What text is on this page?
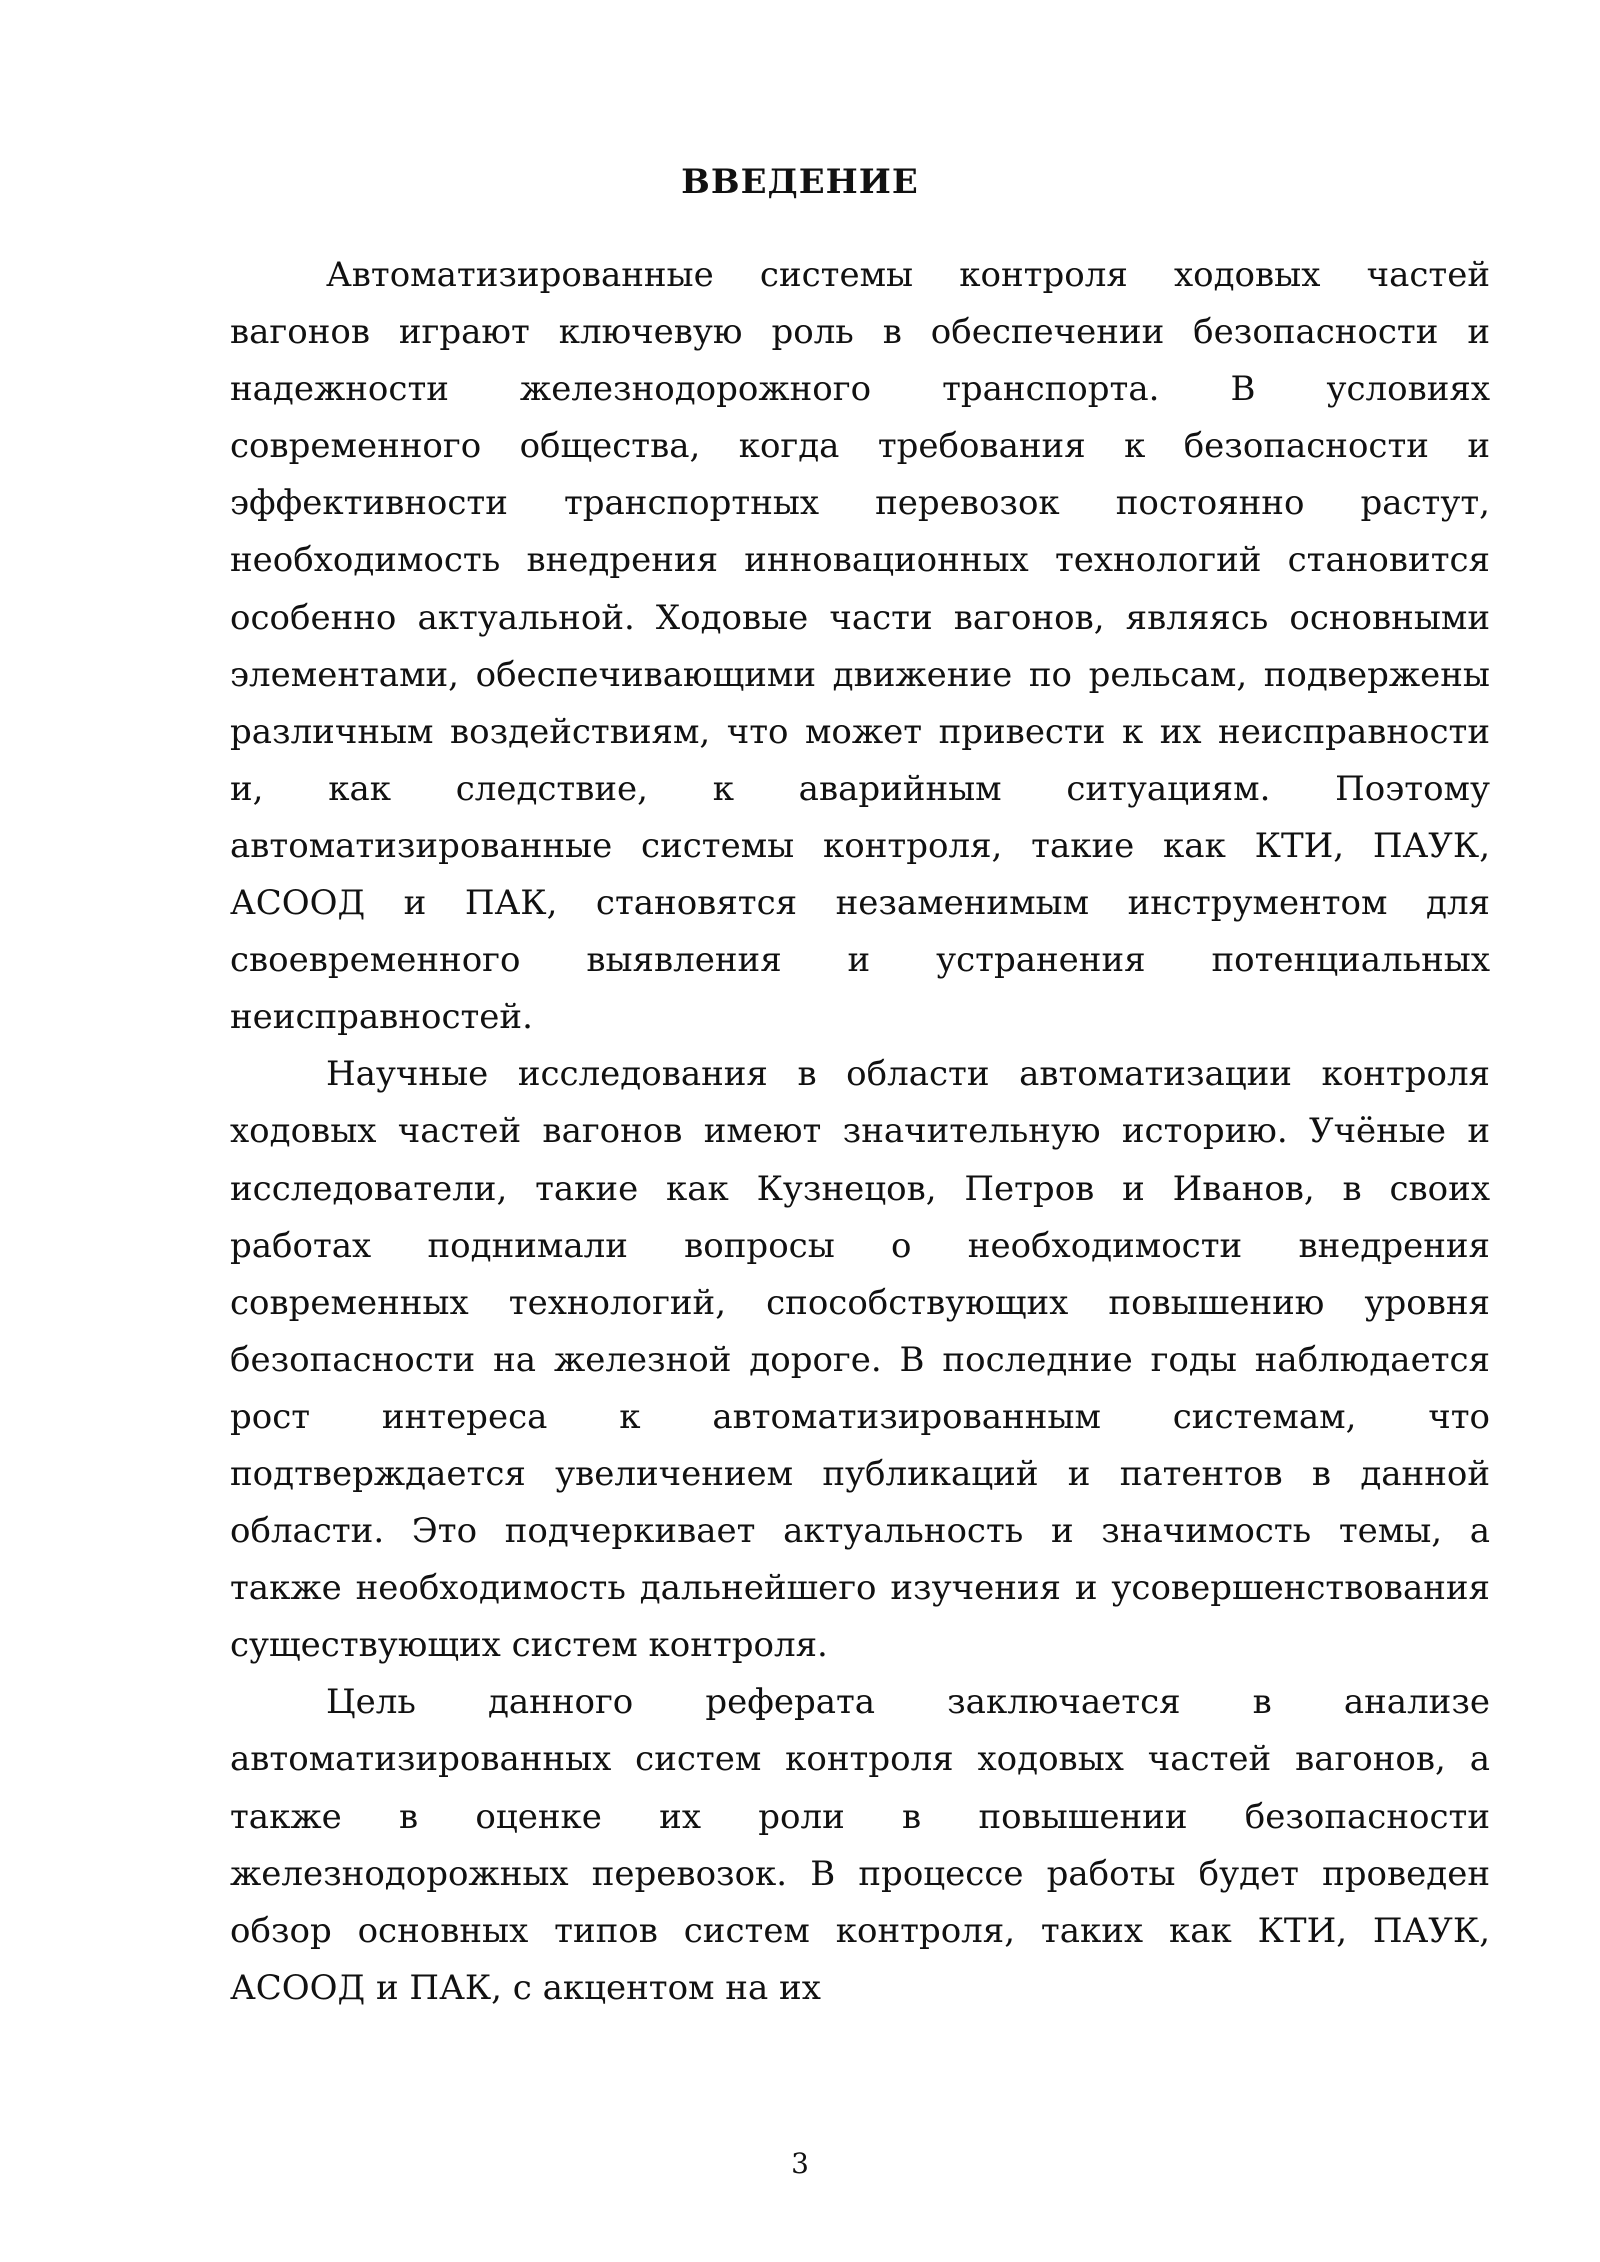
ВВЕДЕНИЕ

Автоматизированные системы контроля ходовых частей вагонов играют ключевую роль в обеспечении безопасности и надежности железнодорожного транспорта. В условиях современного общества, когда требования к безопасности и эффективности транспортных перевозок постоянно растут, необходимость внедрения инновационных технологий становится особенно актуальной. Ходовые части вагонов, являясь основными элементами, обеспечивающими движение по рельсам, подвержены различным воздействиям, что может привести к их неисправности и, как следствие, к аварийным ситуациям. Поэтому автоматизированные системы контроля, такие как КТИ, ПАУК, АСООД и ПАК, становятся незаменимым инструментом для своевременного выявления и устранения потенциальных неисправностей.

Научные исследования в области автоматизации контроля ходовых частей вагонов имеют значительную историю. Учёные и исследователи, такие как Кузнецов, Петров и Иванов, в своих работах поднимали вопросы о необходимости внедрения современных технологий, способствующих повышению уровня безопасности на железной дороге. В последние годы наблюдается рост интереса к автоматизированным системам, что подтверждается увеличением публикаций и патентов в данной области. Это подчеркивает актуальность и значимость темы, а также необходимость дальнейшего изучения и усовершенствования существующих систем контроля.

Цель данного реферата заключается в анализе автоматизированных систем контроля ходовых частей вагонов, а также в оценке их роли в повышении безопасности железнодорожных перевозок. В процессе работы будет проведен обзор основных типов систем контроля, таких как КТИ, ПАУК, АСООД и ПАК, с акцентом на их

3
